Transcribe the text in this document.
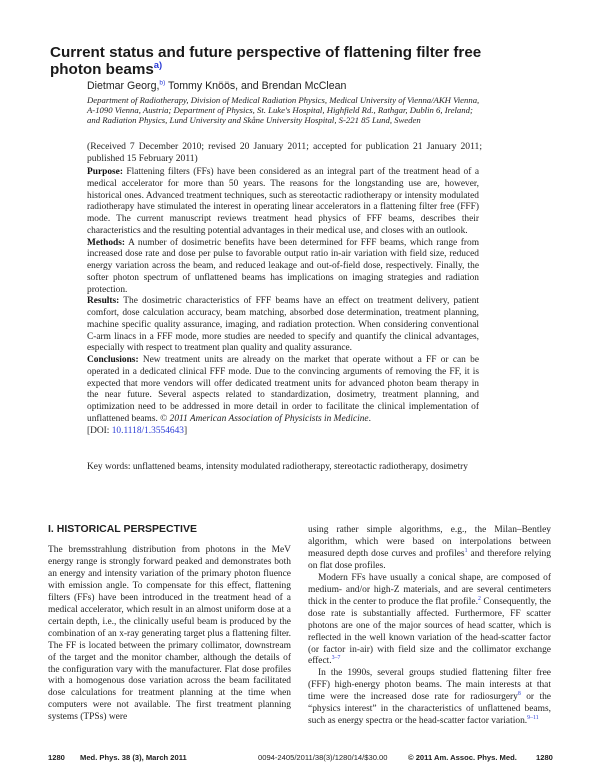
Current status and future perspective of flattening filter free photon beams$^{a)}$
Dietmar Georg,$^{b)}$ Tommy Knöös, and Brendan McClean
Department of Radiotherapy, Division of Medical Radiation Physics, Medical University of Vienna/AKH Vienna, A-1090 Vienna, Austria; Department of Physics, St. Luke's Hospital, Highfield Rd., Rathgar, Dublin 6, Ireland; and Radiation Physics, Lund University and Skåne University Hospital, S-221 85 Lund, Sweden
(Received 7 December 2010; revised 20 January 2011; accepted for publication 21 January 2011; published 15 February 2011)

Purpose: Flattening filters (FFs) have been considered as an integral part of the treatment head of a medical accelerator for more than 50 years. The reasons for the longstanding use are, however, historical ones. Advanced treatment techniques, such as stereotactic radiotherapy or intensity modulated radiotherapy have stimulated the interest in operating linear accelerators in a flattening filter free (FFF) mode. The current manuscript reviews treatment head physics of FFF beams, describes their characteristics and the resulting potential advantages in their medical use, and closes with an outlook.

Methods: A number of dosimetric benefits have been determined for FFF beams, which range from increased dose rate and dose per pulse to favorable output ratio in-air variation with field size, reduced energy variation across the beam, and reduced leakage and out-of-field dose, respectively. Finally, the softer photon spectrum of unflattened beams has implications on imaging strategies and radiation protection.

Results: The dosimetric characteristics of FFF beams have an effect on treatment delivery, patient comfort, dose calculation accuracy, beam matching, absorbed dose determination, treatment planning, machine specific quality assurance, imaging, and radiation protection. When considering conventional C-arm linacs in a FFF mode, more studies are needed to specify and quantify the clinical advantages, especially with respect to treatment plan quality and quality assurance.

Conclusions: New treatment units are already on the market that operate without a FF or can be operated in a dedicated clinical FFF mode. Due to the convincing arguments of removing the FF, it is expected that more vendors will offer dedicated treatment units for advanced photon beam therapy in the near future. Several aspects related to standardization, dosimetry, treatment planning, and optimization need to be addressed in more detail in order to facilitate the clinical implementation of unflattened beams. © 2011 American Association of Physicists in Medicine.

[DOI: 10.1118/1.3554643]

Key words: unflattened beams, intensity modulated radiotherapy, stereotactic radiotherapy, dosimetry
I. HISTORICAL PERSPECTIVE

The bremsstrahlung distribution from photons in the MeV energy range is strongly forward peaked and demonstrates both an energy and intensity variation of the primary photon fluence with emission angle. To compensate for this effect, flattening filters (FFs) have been introduced in the treatment head of a medical accelerator, which result in an almost uniform dose at a certain depth, i.e., the clinically useful beam is produced by the combination of an x-ray generating target plus a flattening filter. The FF is located between the primary collimator, downstream of the target and the monitor chamber, although the details of the configuration vary with the manufacturer. Flat dose profiles with a homogenous dose variation across the beam facilitated dose calculations for treatment planning at the time when computers were not available. The first treatment planning systems (TPSs) were

using rather simple algorithms, e.g., the Milan–Bentley algorithm, which were based on interpolations between measured depth dose curves and profiles$^1$ and therefore relying on flat dose profiles.

Modern FFs have usually a conical shape, are composed of medium- and/or high-Z materials, and are several centimeters thick in the center to produce the flat profile.$^2$ Consequently, the dose rate is substantially affected. Furthermore, FF scatter photons are one of the major sources of head scatter, which is reflected in the well known variation of the head-scatter factor (or factor in-air) with field size and the collimator exchange effect.$^{3-7}$

In the 1990s, several groups studied flattening filter free (FFF) high-energy photon beams. The main interests at that time were the increased dose rate for radiosurgery$^8$ or the “physics interest” in the characteristics of unflattened beams, such as energy spectra or the head-scatter factor variation.$^{9-11}$

1280 Med. Phys. 38 (3), March 2011	0094-2405/2011/38(3)/1280/14/$30.00	© 2011 Am. Assoc. Phys. Med.	1280
